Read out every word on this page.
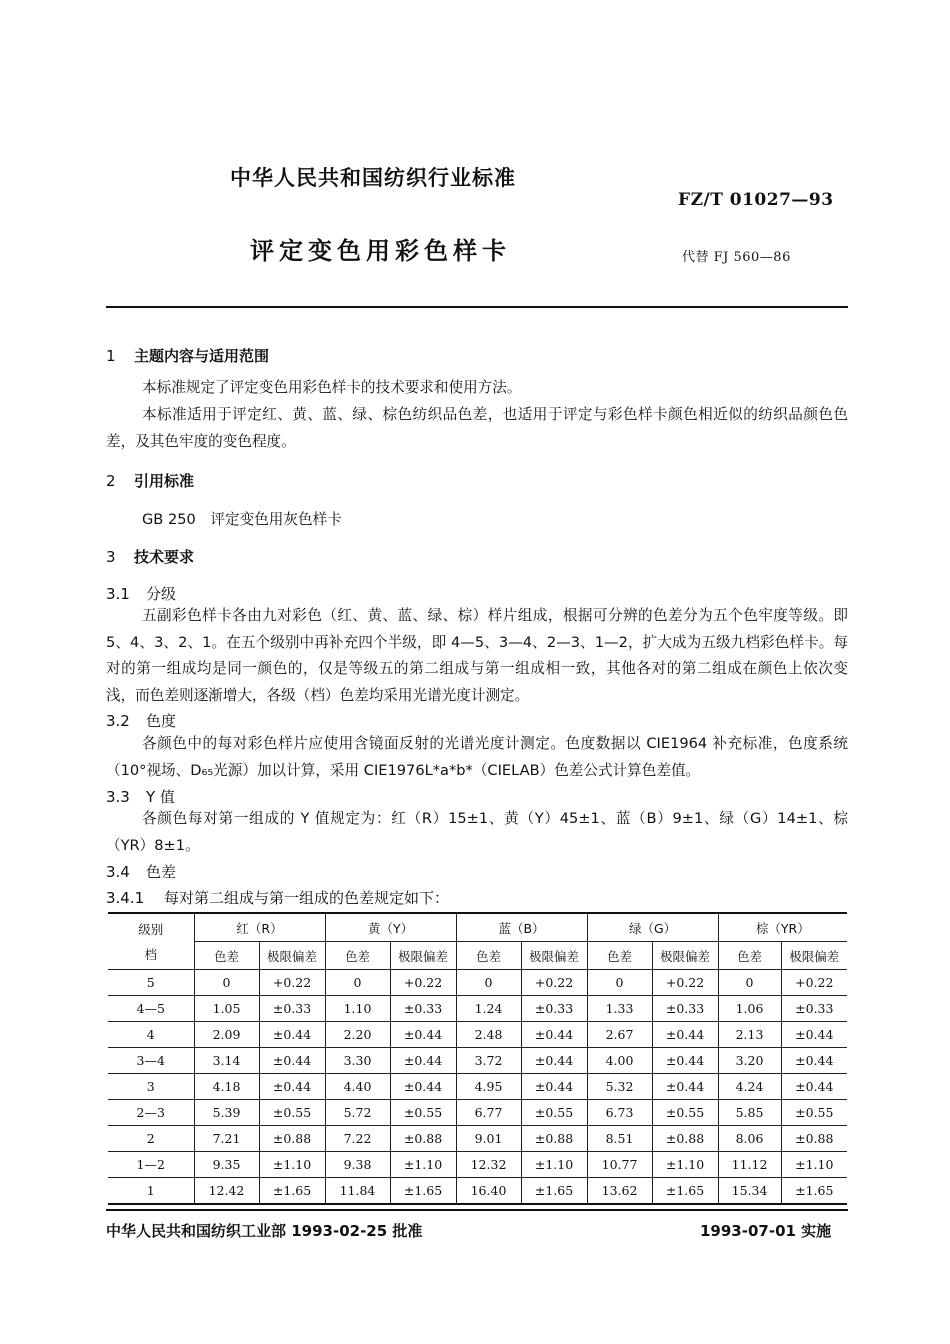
中华人民共和国纺织行业标准
FZ/T 01027—93
评定变色用彩色样卡	代替 FJ 560—86
1 主题内容与适用范围
本标准规定了评定变色用彩色样卡的技术要求和使用方法。
本标准适用于评定红、黄、蓝、绿、棕色纺织品色差，也适用于评定与彩色样卡颜色相近似的纺织品颜色色差，及其色牢度的变色程度。
2 引用标准
GB 250　评定变色用灰色样卡
3 技术要求
3.1 分级
五副彩色样卡各由九对彩色（红、黄、蓝、绿、棕）样片组成，根据可分辨的色差分为五个色牢度等级。即 5、4、3、2、1。在五个级别中再补充四个半级，即 4—5、3—4、2—3、1—2，扩大成为五级九档彩色样卡。每对的第一组成均是同一颜色的，仅是等级五的第二组成与第一组成相一致，其他各对的第二组成在颜色上依次变浅，而色差则逐渐增大，各级（档）色差均采用光谱光度计测定。
3.2 色度
各颜色中的每对彩色样片应使用含镜面反射的光谱光度计测定。色度数据以 CIE1964 补充标准，色度系统（10°视场、D₆₅光源）加以计算，采用 CIE1976L*a*b*（CIELAB）色差公式计算色差值。
3.3 Y 值
各颜色每对第一组成的 Y 值规定为：红（R）15±1、黄（Y）45±1、蓝（B）9±1、绿（G）14±1、棕（YR）8±1。
3.4 色差
3.4.1 每对第二组成与第一组成的色差规定如下：
级别
档	红（R）		黄（Y）		蓝（B）		绿（G）		棕（YR）	
	色差	极限偏差	色差	极限偏差	色差	极限偏差	色差	极限偏差	色差	极限偏差
5	0	+0.22	0	+0.22	0	+0.22	0	+0.22	0	+0.22
4—5	1.05	±0.33	1.10	±0.33	1.24	±0.33	1.33	±0.33	1.06	±0.33
4	2.09	±0.44	2.20	±0.44	2.48	±0.44	2.67	±0.44	2.13	±0.44
3—4	3.14	±0.44	3.30	±0.44	3.72	±0.44	4.00	±0.44	3.20	±0.44
3	4.18	±0.44	4.40	±0.44	4.95	±0.44	5.32	±0.44	4.24	±0.44
2—3	5.39	±0.55	5.72	±0.55	6.77	±0.55	6.73	±0.55	5.85	±0.55
2	7.21	±0.88	7.22	±0.88	9.01	±0.88	8.51	±0.88	8.06	±0.88
1—2	9.35	±1.10	9.38	±1.10	12.32	±1.10	10.77	±1.10	11.12	±1.10
1	12.42	±1.65	11.84	±1.65	16.40	±1.65	13.62	±1.65	15.34	±1.65
中华人民共和国纺织工业部 1993-02-25 批准	1993-07-01 实施
